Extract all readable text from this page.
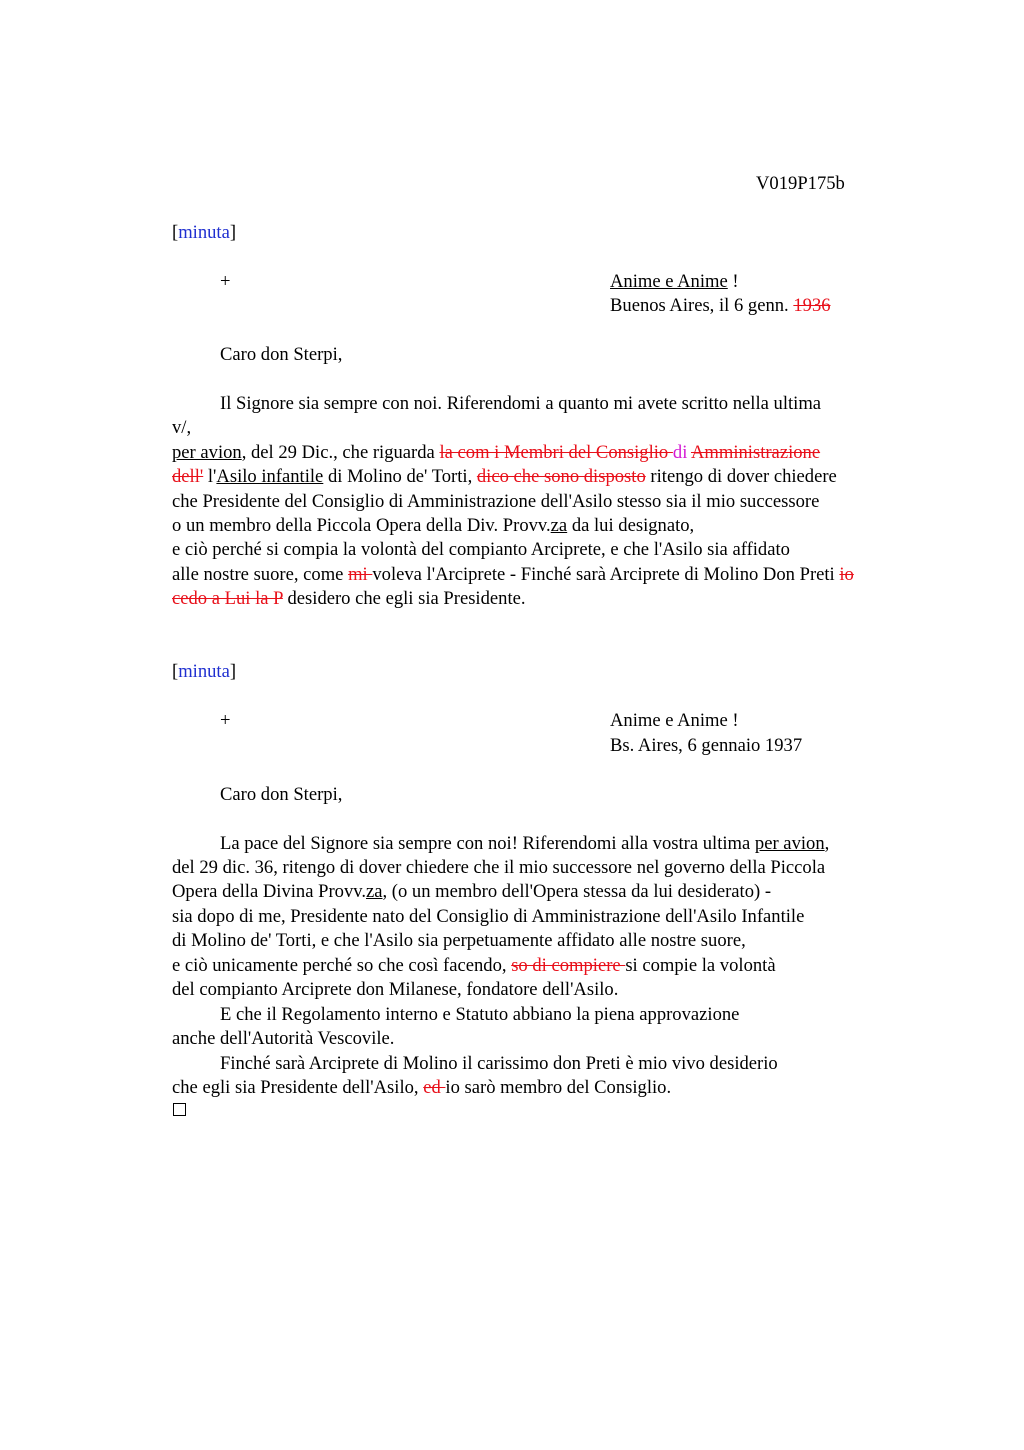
V019P175b
[minuta]
+	Anime e Anime !
Buenos Aires, il 6 genn. 1936
Caro don Sterpi,
Il Signore sia sempre con noi. Riferendomi a quanto mi avete scritto nella ultima
v/,
per avion, del 29 Dic., che riguarda la com i Membri del Consiglio di Amministrazione
dell' l'Asilo infantile di Molino de' Torti, dico che sono disposto ritengo di dover chiedere
che Presidente del Consiglio di Amministrazione dell'Asilo stesso sia il mio successore
o un membro della Piccola Opera della Div. Provv.za da lui designato,
e ciò perché si compia la volontà del compianto Arciprete, e che l'Asilo sia affidato
alle nostre suore, come mi voleva l'Arciprete - Finché sarà Arciprete di Molino Don Preti io
cedo a Lui la P desidero che egli sia Presidente.
[minuta]
+	Anime e Anime !
Bs. Aires, 6 gennaio 1937
Caro don Sterpi,
La pace del Signore sia sempre con noi! Riferendomi alla vostra ultima per avion,
del 29 dic. 36, ritengo di dover chiedere che il mio successore nel governo della Piccola
Opera della Divina Provv.za, (o un membro dell'Opera stessa da lui desiderato) -
sia dopo di me, Presidente nato del Consiglio di Amministrazione dell'Asilo Infantile
di Molino de' Torti, e che l'Asilo sia perpetuamente affidato alle nostre suore,
e ciò unicamente perché so che così facendo, so di compiere si compie la volontà
del compianto Arciprete don Milanese, fondatore dell'Asilo.
E che il Regolamento interno e Statuto abbiano la piena approvazione
anche dell'Autorità Vescovile.
Finché sarà Arciprete di Molino il carissimo don Preti è mio vivo desiderio
che egli sia Presidente dell'Asilo, ed io sarò membro del Consiglio.
